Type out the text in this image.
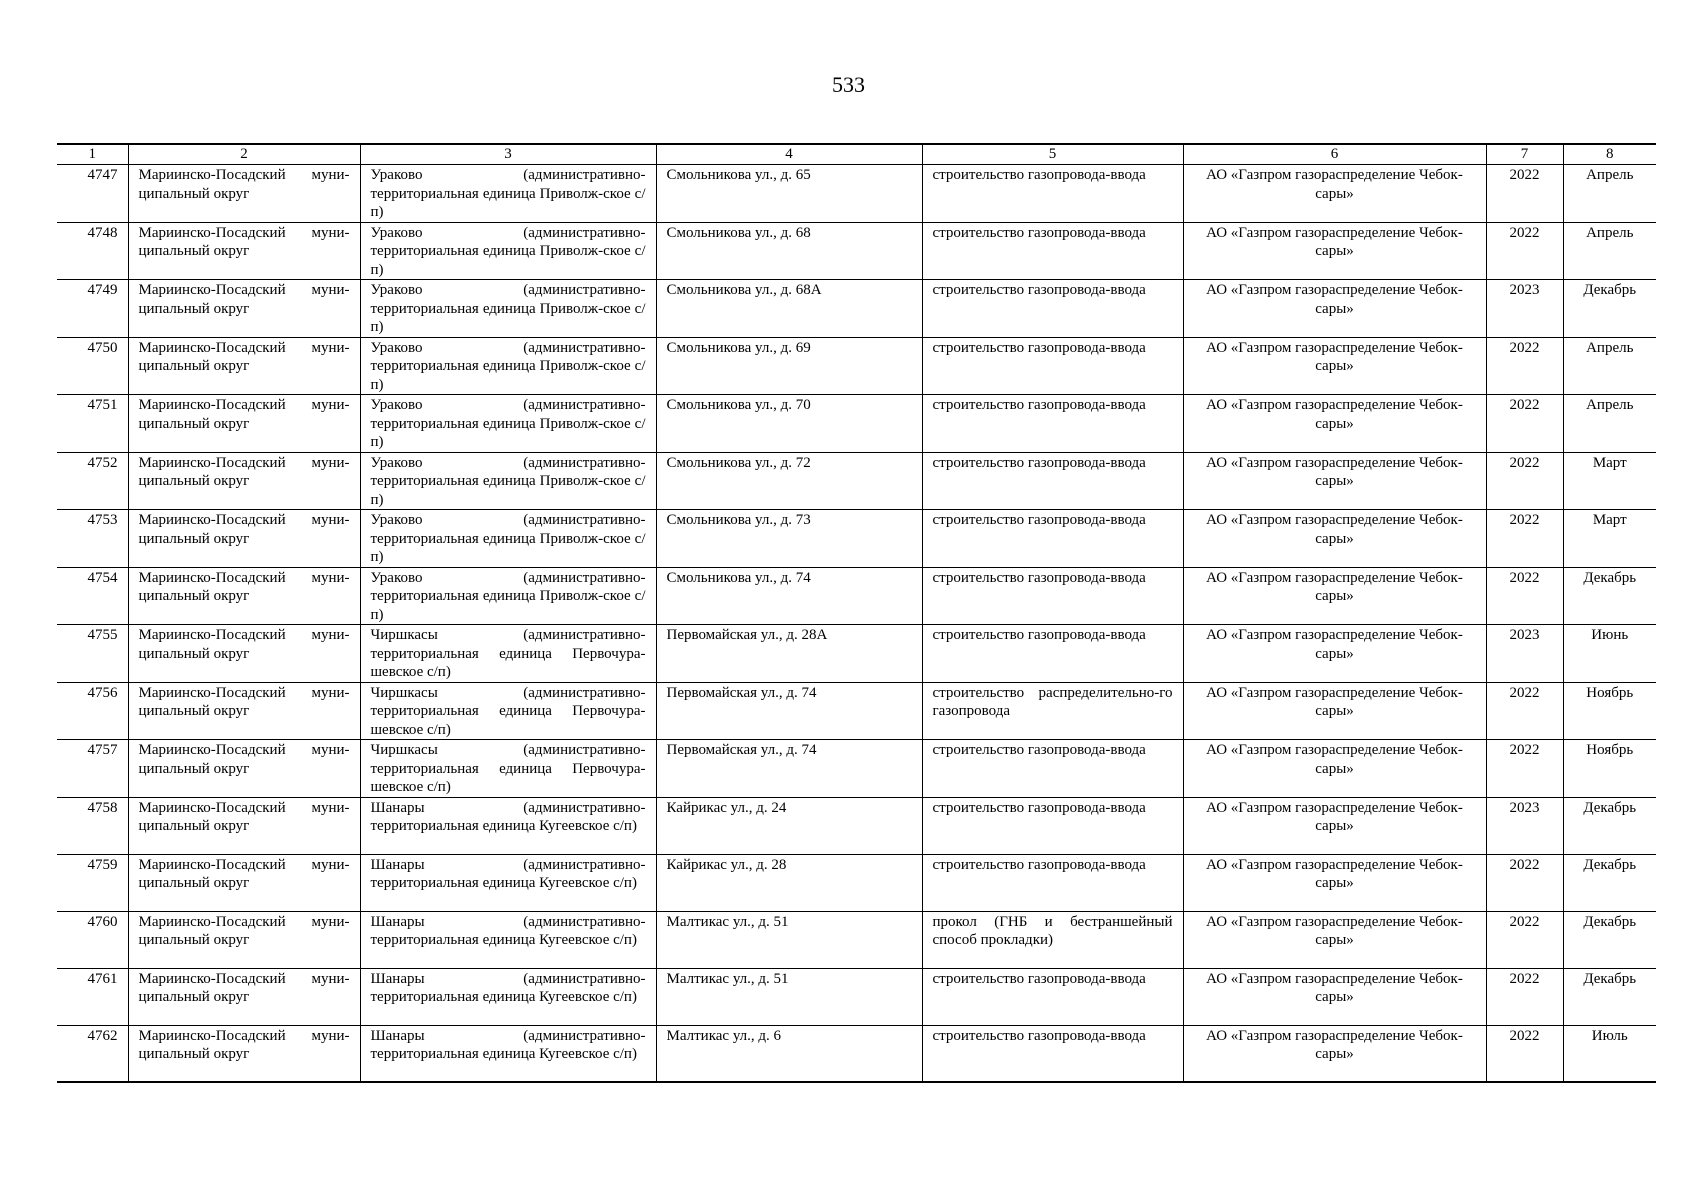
533
1	2	3	4	5	6	7	8
4747	Мариинско-Посадский муни-ципальный округ	Ураково (административно-территориальная единица Приволж-ское с/п)	Смольникова ул., д. 65	строительство газопровода-ввода	АО «Газпром газораспределение Чебок-сары»	2022	Апрель
4748	Мариинско-Посадский муни-ципальный округ	Ураково (административно-территориальная единица Приволж-ское с/п)	Смольникова ул., д. 68	строительство газопровода-ввода	АО «Газпром газораспределение Чебок-сары»	2022	Апрель
4749	Мариинско-Посадский муни-ципальный округ	Ураково (административно-территориальная единица Приволж-ское с/п)	Смольникова ул., д. 68А	строительство газопровода-ввода	АО «Газпром газораспределение Чебок-сары»	2023	Декабрь
4750	Мариинско-Посадский муни-ципальный округ	Ураково (административно-территориальная единица Приволж-ское с/п)	Смольникова ул., д. 69	строительство газопровода-ввода	АО «Газпром газораспределение Чебок-сары»	2022	Апрель
4751	Мариинско-Посадский муни-ципальный округ	Ураково (административно-территориальная единица Приволж-ское с/п)	Смольникова ул., д. 70	строительство газопровода-ввода	АО «Газпром газораспределение Чебок-сары»	2022	Апрель
4752	Мариинско-Посадский муни-ципальный округ	Ураково (административно-территориальная единица Приволж-ское с/п)	Смольникова ул., д. 72	строительство газопровода-ввода	АО «Газпром газораспределение Чебок-сары»	2022	Март
4753	Мариинско-Посадский муни-ципальный округ	Ураково (административно-территориальная единица Приволж-ское с/п)	Смольникова ул., д. 73	строительство газопровода-ввода	АО «Газпром газораспределение Чебок-сары»	2022	Март
4754	Мариинско-Посадский муни-ципальный округ	Ураково (административно-территориальная единица Приволж-ское с/п)	Смольникова ул., д. 74	строительство газопровода-ввода	АО «Газпром газораспределение Чебок-сары»	2022	Декабрь
4755	Мариинско-Посадский муни-ципальный округ	Чиршкасы (административно-территориальная единица Первочура-шевское с/п)	Первомайская ул., д. 28А	строительство газопровода-ввода	АО «Газпром газораспределение Чебок-сары»	2023	Июнь
4756	Мариинско-Посадский муни-ципальный округ	Чиршкасы (административно-территориальная единица Первочура-шевское с/п)	Первомайская ул., д. 74	строительство распределительно-го газопровода	АО «Газпром газораспределение Чебок-сары»	2022	Ноябрь
4757	Мариинско-Посадский муни-ципальный округ	Чиршкасы (административно-территориальная единица Первочура-шевское с/п)	Первомайская ул., д. 74	строительство газопровода-ввода	АО «Газпром газораспределение Чебок-сары»	2022	Ноябрь
4758	Мариинско-Посадский муни-ципальный округ	Шанары (административно-территориальная единица Кугеевское с/п)	Кайрикас ул., д. 24	строительство газопровода-ввода	АО «Газпром газораспределение Чебок-сары»	2023	Декабрь
4759	Мариинско-Посадский муни-ципальный округ	Шанары (административно-территориальная единица Кугеевское с/п)	Кайрикас ул., д. 28	строительство газопровода-ввода	АО «Газпром газораспределение Чебок-сары»	2022	Декабрь
4760	Мариинско-Посадский муни-ципальный округ	Шанары (административно-территориальная единица Кугеевское с/п)	Малтикас ул., д. 51	прокол (ГНБ и бестраншейный способ прокладки)	АО «Газпром газораспределение Чебок-сары»	2022	Декабрь
4761	Мариинско-Посадский муни-ципальный округ	Шанары (административно-территориальная единица Кугеевское с/п)	Малтикас ул., д. 51	строительство газопровода-ввода	АО «Газпром газораспределение Чебок-сары»	2022	Декабрь
4762	Мариинско-Посадский муни-ципальный округ	Шанары (административно-территориальная единица Кугеевское с/п)	Малтикас ул., д. 6	строительство газопровода-ввода	АО «Газпром газораспределение Чебок-сары»	2022	Июль
